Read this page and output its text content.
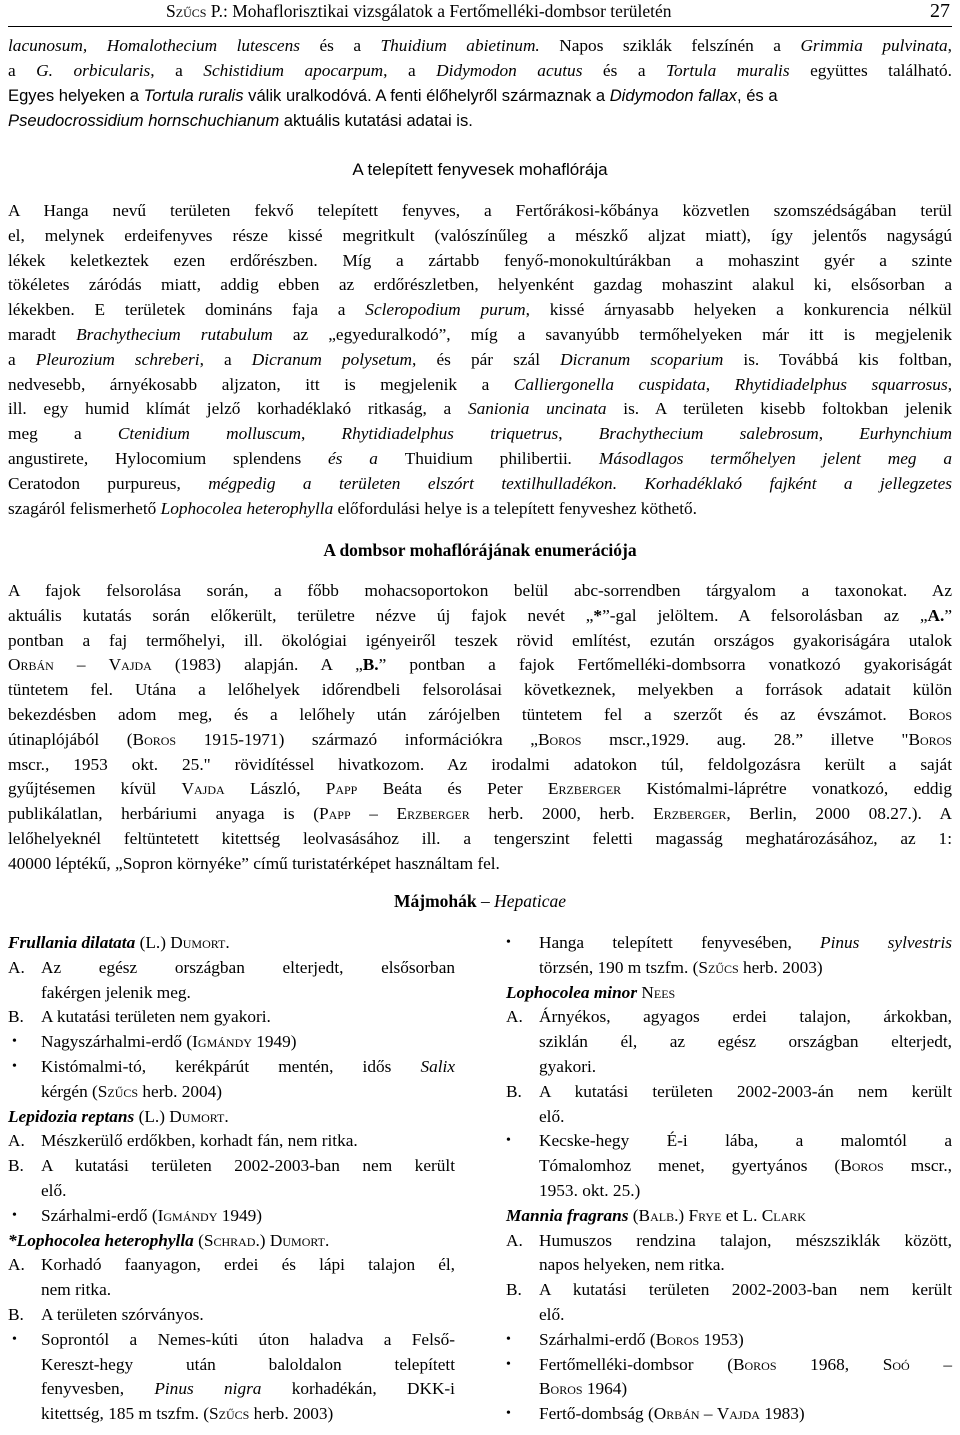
Szűcs P.: Mohaflorisztikai vizsgálatok a Fertőmelléki-dombsor területén	27
lacunosum, Homalothecium lutescens és a Thuidium abietinum. Napos sziklák felszínén a Grimmia pulvinata,
a G. orbicularis, a Schistidium apocarpum, a Didymodon acutus és a Tortula muralis együttes található.
Egyes helyeken a Tortula ruralis válik uralkodóvá. A fenti élőhelyről származnak a Didymodon fallax, és a
Pseudocrossidium hornschuchianum aktuális kutatási adatai is.
A telepített fenyvesek mohaflórája
A Hanga nevű területen fekvő telepített fenyves, a Fertőrákosi-kőbánya közvetlen szomszédságában terül
el, melynek erdeifenyves része kissé megritkult (valószínűleg a mészkő aljzat miatt), így jelentős nagyságú
lékek keletkeztek ezen erdőrészben. Míg a zártabb fenyő-monokultúrákban a mohaszint gyér a szinte
tökéletes záródás miatt, addig ebben az erdőrészletben, helyenként gazdag mohaszint alakul ki, elsősorban a
lékekben. E területek domináns faja a Scleropodium purum, kissé árnyasabb helyeken a konkurencia nélkül
maradt Brachythecium rutabulum az „egyeduralkodó”, míg a savanyúbb termőhelyeken már itt is megjelenik
a Pleurozium schreberi, a Dicranum polysetum, és pár szál Dicranum scoparium is. Továbbá kis foltban,
nedvesebb, árnyékosabb aljzaton, itt is megjelenik a Calliergonella cuspidata, Rhytidiadelphus squarrosus,
ill. egy humid klímát jelző korhadéklakó ritkaság, a Sanionia uncinata is. A területen kisebb foltokban jelenik
meg a Ctenidium molluscum, Rhytidiadelphus triquetrus, Brachythecium salebrosum, Eurhynchium
angustirete, Hylocomium splendens és a Thuidium philibertii. Másodlagos termőhelyen jelent meg a
Ceratodon purpureus, mégpedig a területen elszórt textilhulladékon. Korhadéklakó fajként a jellegzetes
szagáról felismerhető Lophocolea heterophylla előfordulási helye is a telepített fenyveshez köthető.
A dombsor mohaflórájának enumerációja
A fajok felsorolása során, a főbb mohacsoportokon belül abc-sorrendben tárgyalom a taxonokat. Az
aktuális kutatás során előkerült, területre nézve új fajok nevét „*”-gal jelöltem. A felsorolásban az „A.”
pontban a faj termőhelyi, ill. ökológiai igényeiről teszek rövid említést, ezután országos gyakoriságára utalok
Orbán – Vajda (1983) alapján. A „B.” pontban a fajok Fertőmelléki-dombsorra vonatkozó gyakoriságát
tüntetem fel. Utána a lelőhelyek időrendbeli felsorolásai következnek, melyekben a források adatait külön
bekezdésben adom meg, és a lelőhely után zárójelben tüntetem fel a szerzőt és az évszámot. Boros
útinaplójából (Boros 1915-1971) származó információkra „Boros mscr.,1929. aug. 28.” illetve "Boros
mscr., 1953 okt. 25." rövidítéssel hivatkozom. Az irodalmi adatokon túl, feldolgozásra került a saját
gyűjtésemen kívül Vajda László, Papp Beáta és Peter Erzberger Kistómalmi-láprétre vonatkozó, eddig
publikálatlan, herbáriumi anyaga is (Papp – Erzberger herb. 2000, herb. Erzberger, Berlin, 2000 08.27.). A
lelőhelyeknél feltüntetett kitettség leolvasásához ill. a tengerszint feletti magasság meghatározásához, az 1:
40000 léptékű, „Sopron környéke” című turistatérképet használtam fel.
Májmohák – Hepaticae
Frullania dilatata (L.) Dumort.
A. Az egész országban elterjedt, elsősorban
fakérgen jelenik meg.
B. A kutatási területen nem gyakori.
• Nagyszárhalmi-erdő (Igmándy 1949)
• Kistómalmi-tó, kerékpárút mentén, idős Salix
kérgén (Szűcs herb. 2004)
Lepidozia reptans (L.) Dumort.
A. Mészkerülő erdőkben, korhadt fán, nem ritka.
B. A kutatási területen 2002-2003-ban nem került
elő.
• Szárhalmi-erdő (Igmándy 1949)
*Lophocolea heterophylla (Schrad.) Dumort.
A. Korhadó faanyagon, erdei és lápi talajon él,
nem ritka.
B. A területen szórványos.
• Soprontól a Nemes-kúti úton haladva a Felső-
Kereszt-hegy után baloldalon telepített
fenyvesben, Pinus nigra korhadékán, DKK-i
kitettség, 185 m tszfm. (Szűcs herb. 2003)
• Hanga telepített fenyvesében, Pinus sylvestris
törzsén, 190 m tszfm. (Szűcs herb. 2003)
Lophocolea minor Nees
A. Árnyékos, agyagos erdei talajon, árkokban,
sziklán él, az egész országban elterjedt,
gyakori.
B. A kutatási területen 2002-2003-án nem került
elő.
• Kecske-hegy É-i lába, a malomtól a
Tómalomhoz menet, gyertyános (Boros mscr.,
1953. okt. 25.)
Mannia fragrans (Balb.) Frye et L. Clark
A. Humuszos rendzina talajon, mészsziklák között,
napos helyeken, nem ritka.
B. A kutatási területen 2002-2003-ban nem került
elő.
• Szárhalmi-erdő (Boros 1953)
• Fertőmelléki-dombsor (Boros 1968, Soó –
Boros 1964)
• Fertő-dombság (Orbán – Vajda 1983)
